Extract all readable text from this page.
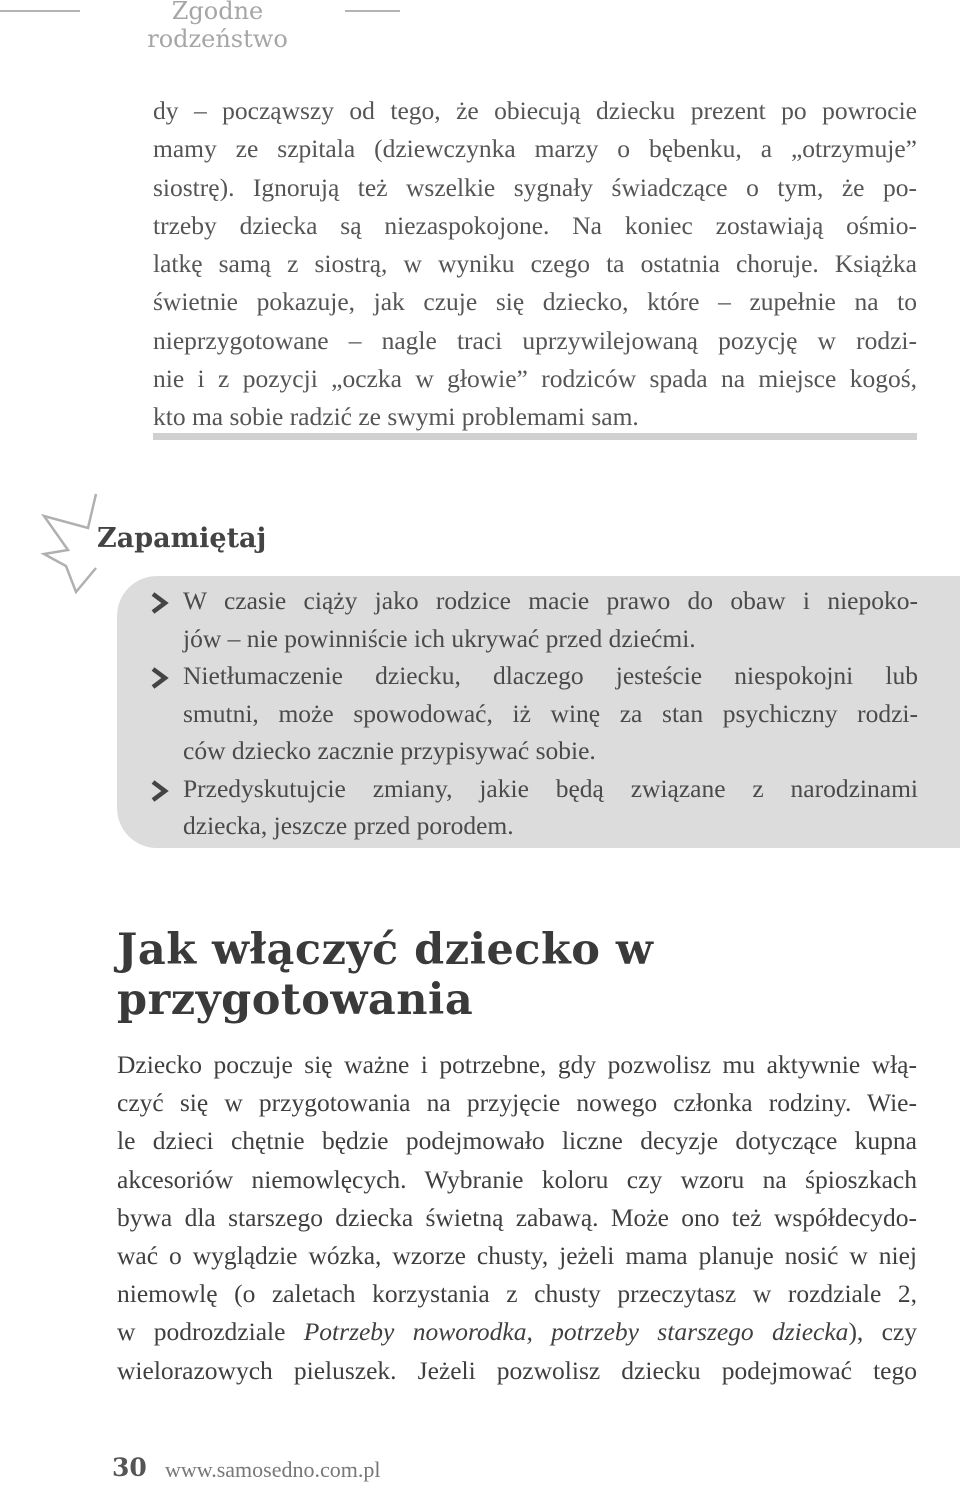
Zgodne rodzeństwo
dy – począwszy od tego, że obiecują dziecku prezent po powrocie
mamy ze szpitala (dziewczynka marzy o bębenku, a „otrzymuje”
siostrę). Ignorują też wszelkie sygnały świadczące o tym, że po-
trzeby dziecka są niezaspokojone. Na koniec zostawiają ośmio-
latkę samą z siostrą, w wyniku czego ta ostatnia choruje. Książka
świetnie pokazuje, jak czuje się dziecko, które – zupełnie na to
nieprzygotowane – nagle traci uprzywilejowaną pozycję w rodzi-
nie i z pozycji „oczka w głowie” rodziców spada na miejsce kogoś,
kto ma sobie radzić ze swymi problemami sam.
Zapamiętaj
W czasie ciąży jako rodzice macie prawo do obaw i niepoko-
jów – nie powinniście ich ukrywać przed dziećmi.
Nietłumaczenie dziecku, dlaczego jesteście niespokojni lub
smutni, może spowodować, iż winę za stan psychiczny rodzi-
ców dziecko zacznie przypisywać sobie.
Przedyskutujcie zmiany, jakie będą związane z narodzinami
dziecka, jeszcze przed porodem.
Jak włączyć dziecko w przygotowania
Dziecko poczuje się ważne i potrzebne, gdy pozwolisz mu aktywnie włą-
czyć się w przygotowania na przyjęcie nowego członka rodziny. Wie-
le dzieci chętnie będzie podejmowało liczne decyzje dotyczące kupna
akcesoriów niemowlęcych. Wybranie koloru czy wzoru na śpioszkach
bywa dla starszego dziecka świetną zabawą. Może ono też współdecydo-
wać o wyglądzie wózka, wzorze chusty, jeżeli mama planuje nosić w niej
niemowlę (o zaletach korzystania z chusty przeczytasz w rozdziale 2,
w podrozdziale Potrzeby noworodka, potrzeby starszego dziecka), czy
wielorazowych pieluszek. Jeżeli pozwolisz dziecku podejmować tego
30 www.samosedno.com.pl
